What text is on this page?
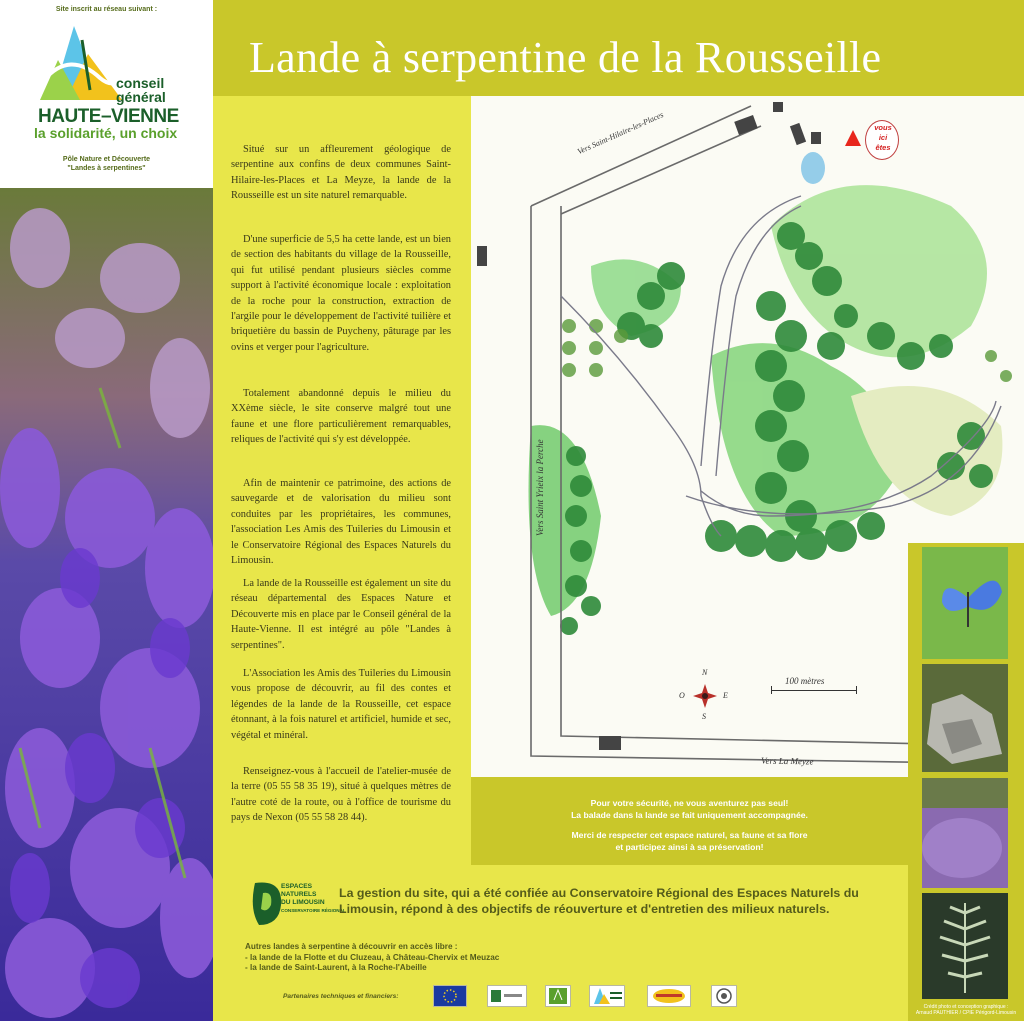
Site inscrit au réseau suivant :
conseil
général
HAUTE–VIENNE
la solidarité, un choix
Pôle Nature et Découverte
"Landes à serpentines"
Lande à serpentine de la Rousseille

Situé sur un affleurement géologique de serpentine aux confins de deux communes Saint-Hilaire-les-Places et La Meyze, la lande de la Rousseille est un site naturel remarquable.

D'une superficie de 5,5 ha cette lande, est un bien de section des habitants du village de la Rousseille, qui fut utilisé pendant plusieurs siècles comme support à l'activité économique locale : exploitation de la roche pour la construction, extraction de l'argile pour le développement de l'activité tuilière et briquetière du bassin de Puycheny, pâturage par les ovins et verger pour l'agriculture.

Totalement abandonné depuis le milieu du XXème siècle, le site conserve malgré tout une faune et une flore particulièrement remarquables, reliques de l'activité qui s'y est développée.

Afin de maintenir ce patrimoine, des actions de sauvegarde et de valorisation du milieu sont conduites par les propriétaires, les communes, l'association Les Amis des Tuileries du Limousin et le Conservatoire Régional des Espaces Naturels du Limousin.

La lande de la Rousseille est également un site du réseau départemental des Espaces Nature et Découverte mis en place par le Conseil général de la Haute-Vienne. Il est intégré au pôle "Landes à serpentines".

L'Association les Amis des Tuileries du Limousin vous propose de découvrir, au fil des contes et légendes de la lande de la Rousseille, cet espace étonnant, à la fois naturel et artificiel, humide et sec, végétal et minéral.

Renseignez-vous à l'accueil de l'atelier-musée de la terre (05 55 58 35 19), situé à quelques mètres de l'autre coté de la route, ou à l'office de tourisme du pays de Nexon (05 55 58 28 44).

Vers Saint-Hilaire-les-Places
Vers Saint Yrieix la Perche
Vers La Meyze
vous
ici
êtes
N
S
E
O
100 mètres

Pour votre sécurité, ne vous aventurez pas seul!

La balade dans la lande se fait uniquement accompagnée.

Merci de respecter cet espace naturel, sa faune et sa flore

et participez ainsi à sa préservation!

ESPACES
NATURELS
DU LIMOUSIN
CONSERVATOIRE RÉGIONAL
La gestion du site, qui a été confiée au Conservatoire Régional des Espaces Naturels du Limousin, répond à des objectifs de réouverture et d'entretien des milieux naturels.
Autres landes à serpentine à découvrir en accès libre :
- la lande de la Flotte et du Cluzeau, à Château-Chervix et Meuzac
- la lande de Saint-Laurent, à la Roche-l'Abeille
Partenaires techniques et financiers:
Crédit photo et conception graphique :
Arnaud PAUTHIER / CPIE Périgord-Limousin
